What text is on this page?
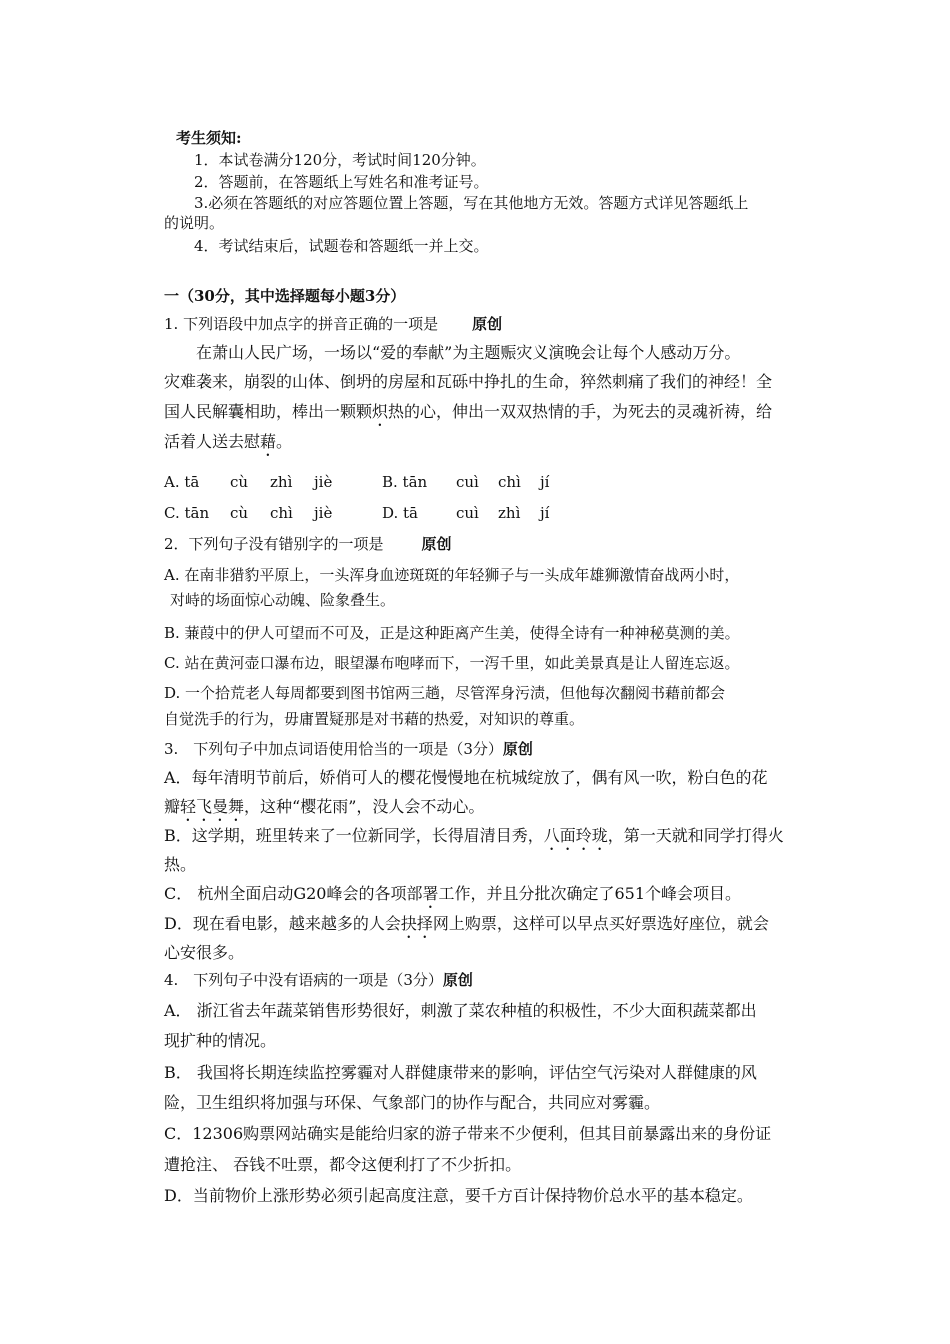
考生须知:
1．本试卷满分120分，考试时间120分钟。
2．答题前，在答题纸上写姓名和准考证号。
3.必须在答题纸的对应答题位置上答题，写在其他地方无效。答题方式详见答题纸上
的说明。
4．考试结束后，试题卷和答题纸一并上交。
一（30分，其中选择题每小题3分）
1. 下列语段中加点字的拼音正确的一项是 原创
在萧山人民广场，一场以“爱的奉献”为主题赈灾义演晚会让每个人感动万分。
灾难袭来，崩裂的山体、倒坍的房屋和瓦砾中挣扎的生命，猝然刺痛了我们的神经！全
国人民解囊相助，棒出一颗颗炽热的心，伸出一双双热情的手，为死去的灵魂祈祷，给
活着人送去慰藉。
A. tā cù zhì jiè	B. tān cuì chì jí
C. tān cù chì jiè	D. tā	cuì zhì jí
2．下列句子没有错别字的一项是	原创
A. 在南非猎豹平原上，一头浑身血迹斑斑的年轻狮子与一头成年雄狮激情奋战两小时，
对峙的场面惊心动魄、险象叠生。
B. 蒹葭中的伊人可望而不可及，正是这种距离产生美，使得全诗有一种神秘莫测的美。
C. 站在黄河壶口瀑布边，眼望瀑布咆哮而下，一泻千里，如此美景真是让人留连忘返。
D. 一个拾荒老人每周都要到图书馆两三趟，尽管浑身污渍，但他每次翻阅书藉前都会
自觉洗手的行为，毋庸置疑那是对书藉的热爱，对知识的尊重。
3.　下列句子中加点词语使用恰当的一项是（3分）原创
A．每年清明节前后，娇俏可人的樱花慢慢地在杭城绽放了，偶有风一吹，粉白色的花
瓣轻飞曼舞，这种“樱花雨”，没人会不动心。
B．这学期，班里转来了一位新同学，长得眉清目秀，八面玲珑，第一天就和同学打得火
热。
C． 杭州全面启动G20峰会的各项部署工作，并且分批次确定了651个峰会项目。
D．现在看电影，越来越多的人会抉择网上购票，这样可以早点买好票选好座位，就会
心安很多。
4.　下列句子中没有语病的一项是（3分）原创
A． 浙江省去年蔬菜销售形势很好，刺激了菜农种植的积极性，不少大面积蔬菜都出
现扩种的情况。
B． 我国将长期连续监控雾霾对人群健康带来的影响，评估空气污染对人群健康的风
险，卫生组织将加强与环保、气象部门的协作与配合，共同应对雾霾。
C．12306购票网站确实是能给归家的游子带来不少便利，但其目前暴露出来的身份证
遭抢注、 吞钱不吐票，都令这便利打了不少折扣。
D．当前物价上涨形势必须引起高度注意，要千方百计保持物价总水平的基本稳定。
